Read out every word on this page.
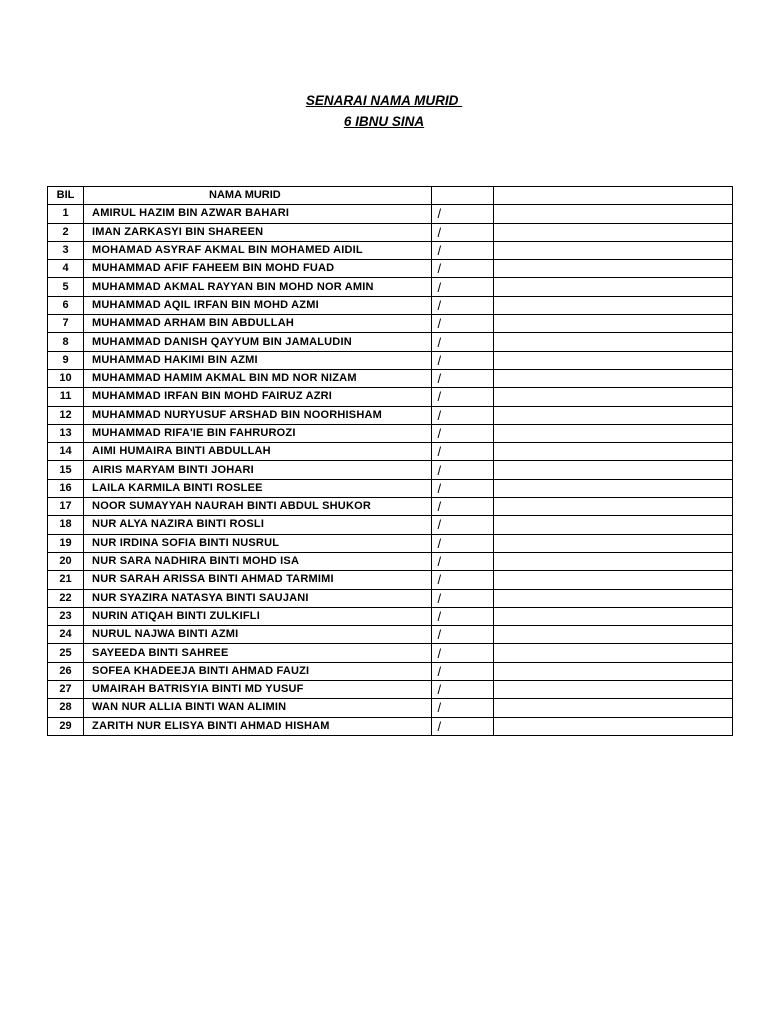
SENARAI NAMA MURID
6 IBNU SINA
BIL	NAMA MURID		
1	AMIRUL HAZIM BIN AZWAR BAHARI	/	
2	IMAN ZARKASYI BIN SHAREEN	/	
3	MOHAMAD ASYRAF AKMAL BIN MOHAMED AIDIL	/	
4	MUHAMMAD AFIF FAHEEM BIN MOHD FUAD	/	
5	MUHAMMAD AKMAL RAYYAN BIN MOHD NOR AMIN	/	
6	MUHAMMAD AQIL IRFAN BIN MOHD AZMI	/	
7	MUHAMMAD ARHAM BIN ABDULLAH	/	
8	MUHAMMAD DANISH QAYYUM BIN JAMALUDIN	/	
9	MUHAMMAD HAKIMI BIN AZMI	/	
10	MUHAMMAD HAMIM AKMAL BIN MD NOR NIZAM	/	
11	MUHAMMAD IRFAN BIN MOHD FAIRUZ AZRI	/	
12	MUHAMMAD NURYUSUF ARSHAD BIN NOORHISHAM	/	
13	MUHAMMAD RIFA'IE BIN FAHRUROZI	/	
14	AIMI HUMAIRA BINTI ABDULLAH	/	
15	AIRIS MARYAM BINTI JOHARI	/	
16	LAILA KARMILA BINTI ROSLEE	/	
17	NOOR SUMAYYAH NAURAH BINTI ABDUL SHUKOR	/	
18	NUR ALYA NAZIRA BINTI ROSLI	/	
19	NUR IRDINA SOFIA BINTI NUSRUL	/	
20	NUR SARA NADHIRA BINTI MOHD ISA	/	
21	NUR SARAH ARISSA BINTI AHMAD TARMIMI	/	
22	NUR SYAZIRA NATASYA BINTI SAUJANI	/	
23	NURIN ATIQAH BINTI ZULKIFLI	/	
24	NURUL NAJWA BINTI AZMI	/	
25	SAYEEDA BINTI SAHREE	/	
26	SOFEA KHADEEJA BINTI AHMAD FAUZI	/	
27	UMAIRAH BATRISYIA BINTI MD YUSUF	/	
28	WAN NUR ALLIA BINTI WAN ALIMIN	/	
29	ZARITH NUR ELISYA BINTI AHMAD HISHAM	/	
